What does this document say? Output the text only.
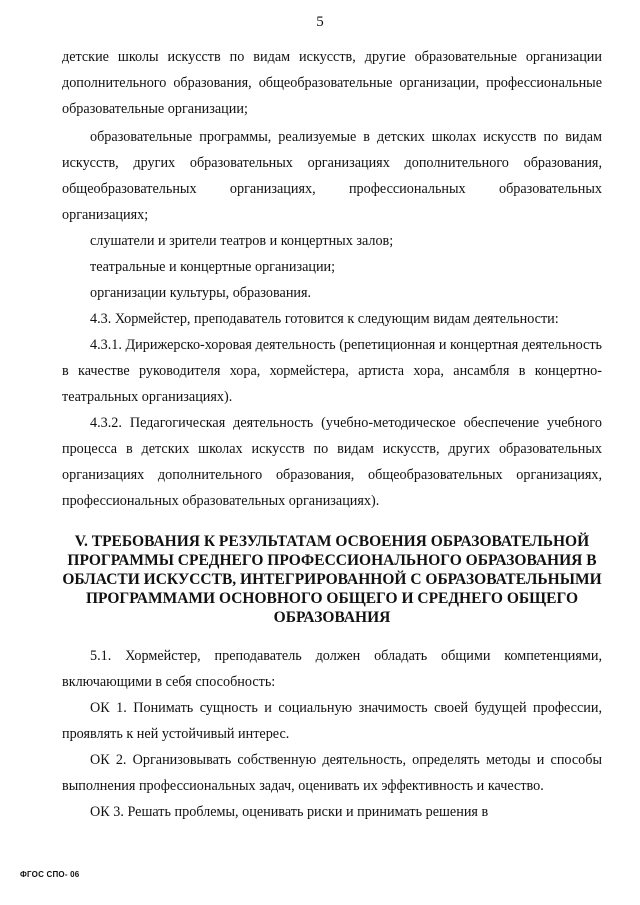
5

детские школы искусств по видам искусств, другие образовательные организации дополнительного образования, общеобразовательные организации, профессиональные образовательные организации;

образовательные программы, реализуемые в детских школах искусств по видам искусств, других образовательных организациях дополнительного образования, общеобразовательных организациях, профессиональных образовательных организациях;

слушатели и зрители театров и концертных залов;

театральные и концертные организации;

организации культуры, образования.

4.3. Хормейстер, преподаватель готовится к следующим видам деятельности:

4.3.1. Дирижерско-хоровая деятельность (репетиционная и концертная деятельность в качестве руководителя хора, хормейстера, артиста хора, ансамбля в концертно-театральных организациях).

4.3.2. Педагогическая деятельность (учебно-методическое обеспечение учебного процесса в детских школах искусств по видам искусств, других образовательных организациях дополнительного образования, общеобразовательных организациях, профессиональных образовательных организациях).

V. ТРЕБОВАНИЯ К РЕЗУЛЬТАТАМ ОСВОЕНИЯ ОБРАЗОВАТЕЛЬНОЙ ПРОГРАММЫ СРЕДНЕГО ПРОФЕССИОНАЛЬНОГО ОБРАЗОВАНИЯ В ОБЛАСТИ ИСКУССТВ, ИНТЕГРИРОВАННОЙ С ОБРАЗОВАТЕЛЬНЫМИ ПРОГРАММАМИ ОСНОВНОГО ОБЩЕГО И СРЕДНЕГО ОБЩЕГО ОБРАЗОВАНИЯ

5.1. Хормейстер, преподаватель должен обладать общими компетенциями, включающими в себя способность:

ОК 1. Понимать сущность и социальную значимость своей будущей профессии, проявлять к ней устойчивый интерес.

ОК 2. Организовывать собственную деятельность, определять методы и способы выполнения профессиональных задач, оценивать их эффективность и качество.

ОК 3. Решать проблемы, оценивать риски и принимать решения в

ФГОС СПО- 06
